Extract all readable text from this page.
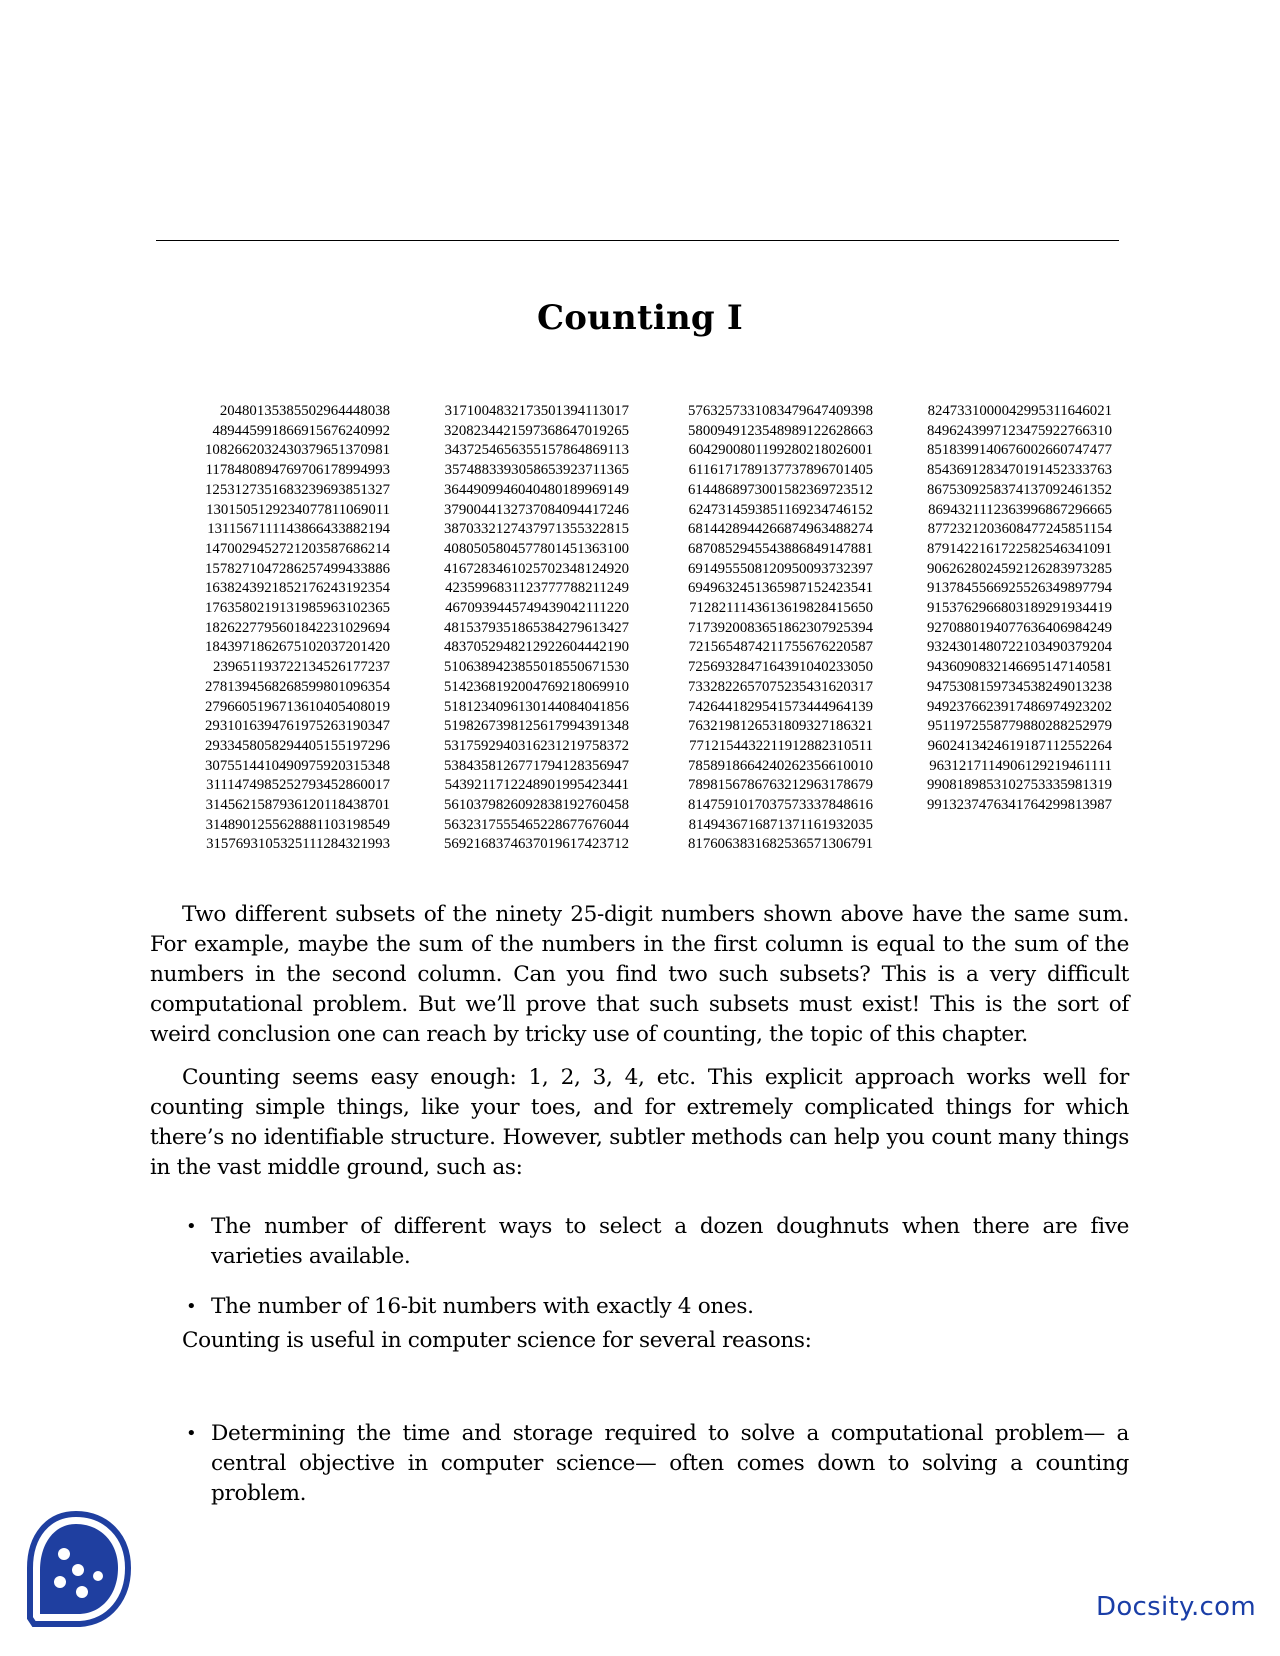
Counting I
20480135385502964448038
489445991866915676240992
1082662032430379651370981
1178480894769706178994993
1253127351683239693851327
1301505129234077811069011
1311567111143866433882194
1470029452721203587686214
1578271047286257499433886
1638243921852176243192354
1763580219131985963102365
1826227795601842231029694
1843971862675102037201420
239651193722134526177237
2781394568268599801096354
2796605196713610405408019
2931016394761975263190347
2933458058294405155197296
3075514410490975920315348
3111474985252793452860017
3145621587936120118438701
3148901255628881103198549
3157693105325111284321993
3171004832173501394113017
3208234421597368647019265
3437254656355157864869113
3574883393058653923711365
3644909946040480189969149
3790044132737084094417246
3870332127437971355322815
4080505804577801451363100
4167283461025702348124920
4235996831123777788211249
4670939445749439042111220
4815379351865384279613427
4837052948212922604442190
5106389423855018550671530
5142368192004769218069910
5181234096130144084041856
5198267398125617994391348
5317592940316231219758372
5384358126771794128356947
5439211712248901995423441
5610379826092838192760458
5632317555465228677676044
5692168374637019617423712
5763257331083479647409398
5800949123548989122628663
6042900801199280218026001
6116171789137737896701405
6144868973001582369723512
6247314593851169234746152
6814428944266874963488274
6870852945543886849147881
6914955508120950093732397
6949632451365987152423541
7128211143613619828415650
7173920083651862307925394
7215654874211755676220587
7256932847164391040233050
7332822657075235431620317
7426441829541573444964139
7632198126531809327186321
7712154432211912882310511
7858918664240262356610010
7898156786763212963178679
8147591017037573337848616
8149436716871371161932035
8176063831682536571306791
8247331000042995311646021
8496243997123475922766310
8518399140676002660747477
8543691283470191452333763
8675309258374137092461352
8694321112363996867296665
8772321203608477245851154
8791422161722582546341091
9062628024592126283973285
9137845566925526349897794
9153762966803189291934419
9270880194077636406984249
9324301480722103490379204
9436090832146695147140581
9475308159734538249013238
9492376623917486974923202
9511972558779880288252979
9602413424619187112552264
9631217114906129219461111
9908189853102753335981319
9913237476341764299813987

Two different subsets of the ninety 25-digit numbers shown above have the same sum. For example, maybe the sum of the numbers in the first column is equal to the sum of the numbers in the second column. Can you find two such subsets? This is a very difficult computational problem. But we’ll prove that such subsets must exist! This is the sort of weird conclusion one can reach by tricky use of counting, the topic of this chapter.

Counting seems easy enough: 1, 2, 3, 4, etc. This explicit approach works well for counting simple things, like your toes, and for extremely complicated things for which there’s no identifiable structure. However, subtler methods can help you count many things in the vast middle ground, such as:

• The number of different ways to select a dozen doughnuts when there are five varieties available.
• The number of 16-bit numbers with exactly 4 ones.

Counting is useful in computer science for several reasons:

• Determining the time and storage required to solve a computational problem— a central objective in computer science— often comes down to solving a counting problem.
Docsity.com
